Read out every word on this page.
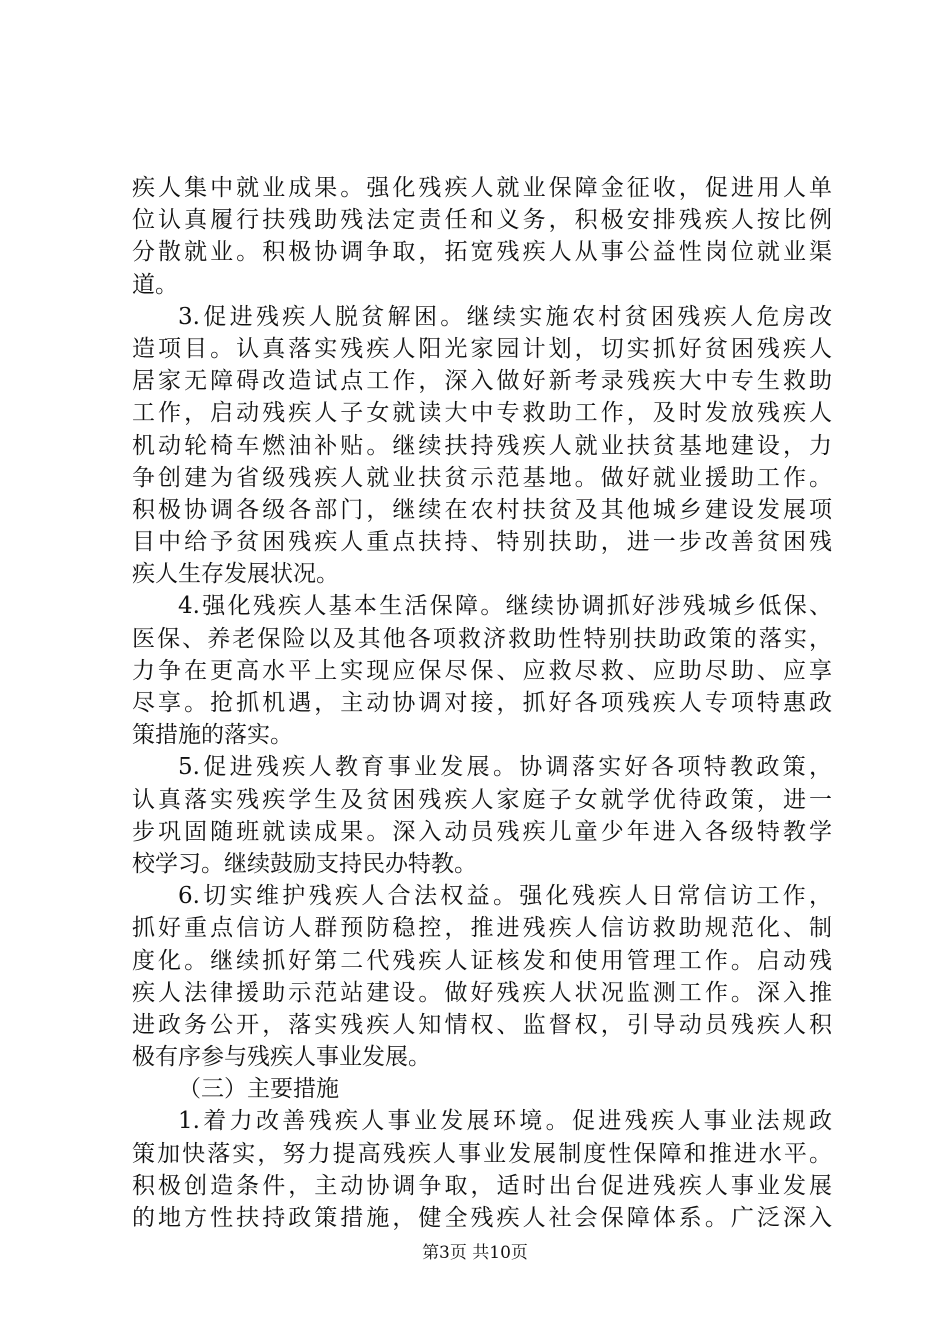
疾人集中就业成果。强化残疾人就业保障金征收，促进用人单
位认真履行扶残助残法定责任和义务，积极安排残疾人按比例
分散就业。积极协调争取，拓宽残疾人从事公益性岗位就业渠
道。
3.促进残疾人脱贫解困。继续实施农村贫困残疾人危房改
造项目。认真落实残疾人阳光家园计划，切实抓好贫困残疾人
居家无障碍改造试点工作，深入做好新考录残疾大中专生救助
工作，启动残疾人子女就读大中专救助工作，及时发放残疾人
机动轮椅车燃油补贴。继续扶持残疾人就业扶贫基地建设，力
争创建为省级残疾人就业扶贫示范基地。做好就业援助工作。
积极协调各级各部门，继续在农村扶贫及其他城乡建设发展项
目中给予贫困残疾人重点扶持、特别扶助，进一步改善贫困残
疾人生存发展状况。
4.强化残疾人基本生活保障。继续协调抓好涉残城乡低保、
医保、养老保险以及其他各项救济救助性特别扶助政策的落实，
力争在更高水平上实现应保尽保、应救尽救、应助尽助、应享
尽享。抢抓机遇，主动协调对接，抓好各项残疾人专项特惠政
策措施的落实。
5.促进残疾人教育事业发展。协调落实好各项特教政策，
认真落实残疾学生及贫困残疾人家庭子女就学优待政策，进一
步巩固随班就读成果。深入动员残疾儿童少年进入各级特教学
校学习。继续鼓励支持民办特教。
6.切实维护残疾人合法权益。强化残疾人日常信访工作，
抓好重点信访人群预防稳控，推进残疾人信访救助规范化、制
度化。继续抓好第二代残疾人证核发和使用管理工作。启动残
疾人法律援助示范站建设。做好残疾人状况监测工作。深入推
进政务公开，落实残疾人知情权、监督权，引导动员残疾人积
极有序参与残疾人事业发展。
（三）主要措施
1.着力改善残疾人事业发展环境。促进残疾人事业法规政
策加快落实，努力提高残疾人事业发展制度性保障和推进水平。
积极创造条件，主动协调争取，适时出台促进残疾人事业发展
的地方性扶持政策措施，健全残疾人社会保障体系。广泛深入
第3页 共10页
